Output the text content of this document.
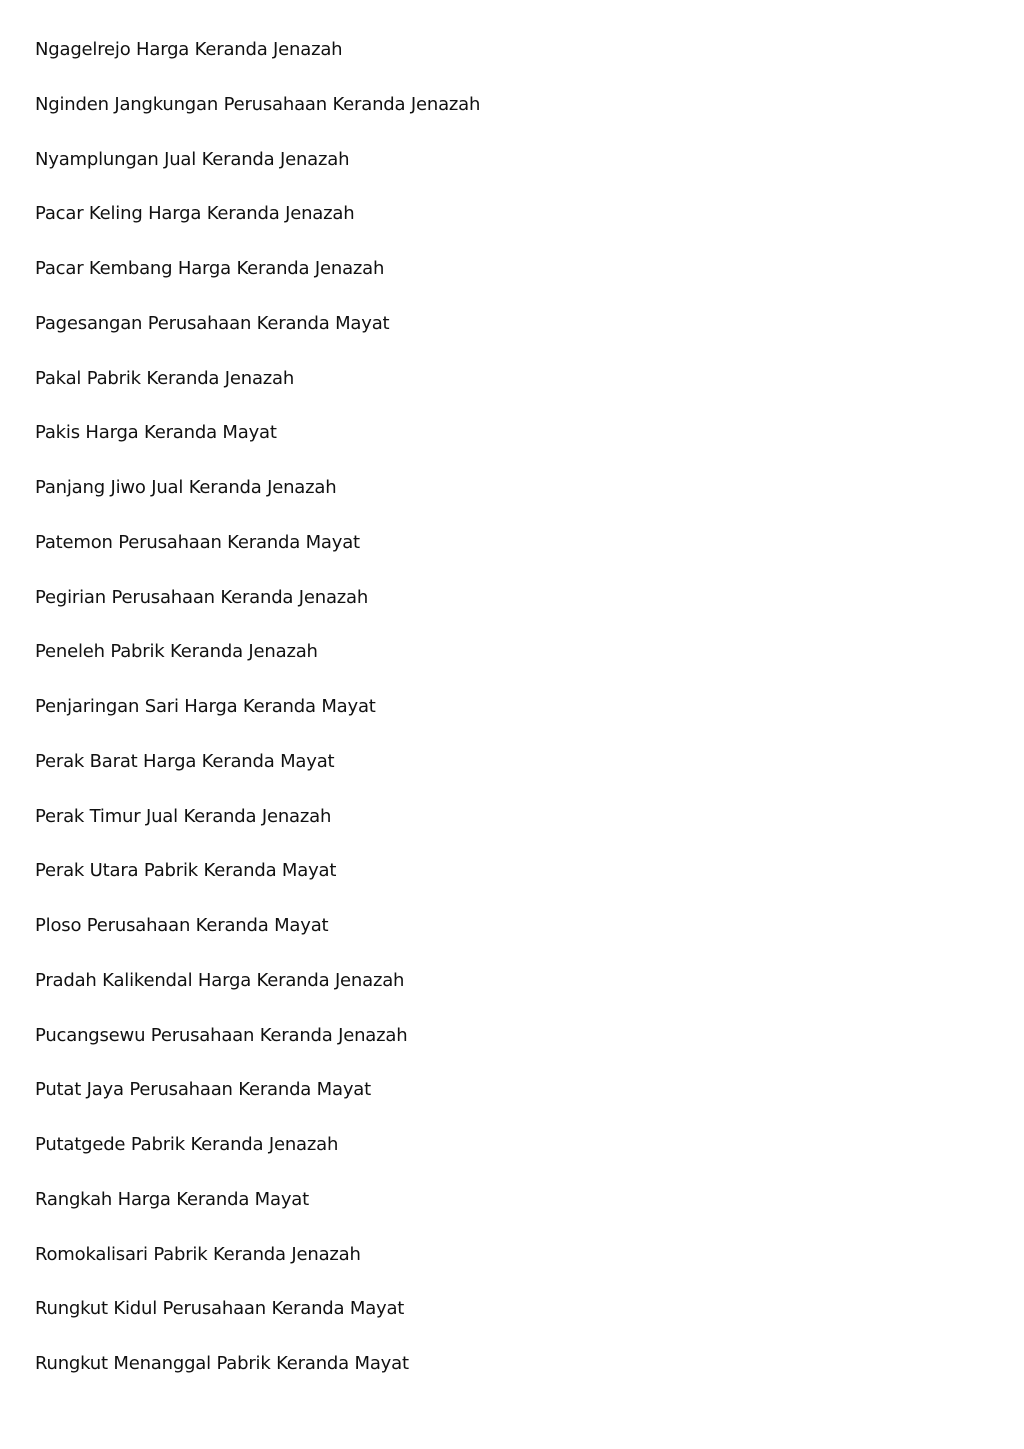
Ngagelrejo Harga Keranda Jenazah
Nginden Jangkungan Perusahaan Keranda Jenazah
Nyamplungan Jual Keranda Jenazah
Pacar Keling Harga Keranda Jenazah
Pacar Kembang Harga Keranda Jenazah
Pagesangan Perusahaan Keranda Mayat
Pakal Pabrik Keranda Jenazah
Pakis Harga Keranda Mayat
Panjang Jiwo Jual Keranda Jenazah
Patemon Perusahaan Keranda Mayat
Pegirian Perusahaan Keranda Jenazah
Peneleh Pabrik Keranda Jenazah
Penjaringan Sari Harga Keranda Mayat
Perak Barat Harga Keranda Mayat
Perak Timur Jual Keranda Jenazah
Perak Utara Pabrik Keranda Mayat
Ploso Perusahaan Keranda Mayat
Pradah Kalikendal Harga Keranda Jenazah
Pucangsewu Perusahaan Keranda Jenazah
Putat Jaya Perusahaan Keranda Mayat
Putatgede Pabrik Keranda Jenazah
Rangkah Harga Keranda Mayat
Romokalisari Pabrik Keranda Jenazah
Rungkut Kidul Perusahaan Keranda Mayat
Rungkut Menanggal Pabrik Keranda Mayat
